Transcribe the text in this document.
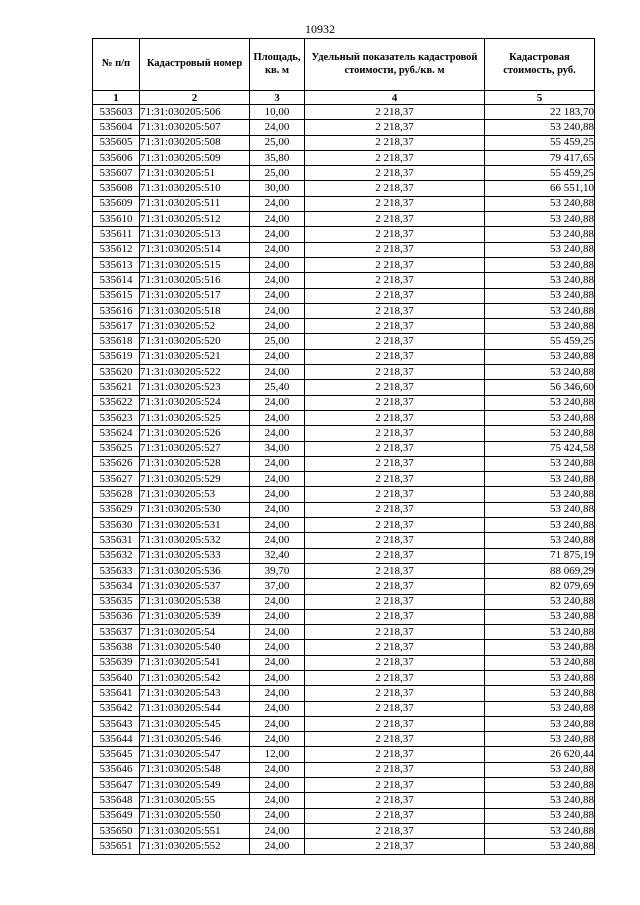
10932
№ п/п	Кадастровый номер	Площадь, кв. м	Удельный показатель кадастровой стоимости, руб./кв. м	Кадастровая стоимость, руб.
1	2	3	4	5
535603	71:31:030205:506	10,00	2 218,37	22 183,70
535604	71:31:030205:507	24,00	2 218,37	53 240,88
535605	71:31:030205:508	25,00	2 218,37	55 459,25
535606	71:31:030205:509	35,80	2 218,37	79 417,65
535607	71:31:030205:51	25,00	2 218,37	55 459,25
535608	71:31:030205:510	30,00	2 218,37	66 551,10
535609	71:31:030205:511	24,00	2 218,37	53 240,88
535610	71:31:030205:512	24,00	2 218,37	53 240,88
535611	71:31:030205:513	24,00	2 218,37	53 240,88
535612	71:31:030205:514	24,00	2 218,37	53 240,88
535613	71:31:030205:515	24,00	2 218,37	53 240,88
535614	71:31:030205:516	24,00	2 218,37	53 240,88
535615	71:31:030205:517	24,00	2 218,37	53 240,88
535616	71:31:030205:518	24,00	2 218,37	53 240,88
535617	71:31:030205:52	24,00	2 218,37	53 240,88
535618	71:31:030205:520	25,00	2 218,37	55 459,25
535619	71:31:030205:521	24,00	2 218,37	53 240,88
535620	71:31:030205:522	24,00	2 218,37	53 240,88
535621	71:31:030205:523	25,40	2 218,37	56 346,60
535622	71:31:030205:524	24,00	2 218,37	53 240,88
535623	71:31:030205:525	24,00	2 218,37	53 240,88
535624	71:31:030205:526	24,00	2 218,37	53 240,88
535625	71:31:030205:527	34,00	2 218,37	75 424,58
535626	71:31:030205:528	24,00	2 218,37	53 240,88
535627	71:31:030205:529	24,00	2 218,37	53 240,88
535628	71:31:030205:53	24,00	2 218,37	53 240,88
535629	71:31:030205:530	24,00	2 218,37	53 240,88
535630	71:31:030205:531	24,00	2 218,37	53 240,88
535631	71:31:030205:532	24,00	2 218,37	53 240,88
535632	71:31:030205:533	32,40	2 218,37	71 875,19
535633	71:31:030205:536	39,70	2 218,37	88 069,29
535634	71:31:030205:537	37,00	2 218,37	82 079,69
535635	71:31:030205:538	24,00	2 218,37	53 240,88
535636	71:31:030205:539	24,00	2 218,37	53 240,88
535637	71:31:030205:54	24,00	2 218,37	53 240,88
535638	71:31:030205:540	24,00	2 218,37	53 240,88
535639	71:31:030205:541	24,00	2 218,37	53 240,88
535640	71:31:030205:542	24,00	2 218,37	53 240,88
535641	71:31:030205:543	24,00	2 218,37	53 240,88
535642	71:31:030205:544	24,00	2 218,37	53 240,88
535643	71:31:030205:545	24,00	2 218,37	53 240,88
535644	71:31:030205:546	24,00	2 218,37	53 240,88
535645	71:31:030205:547	12,00	2 218,37	26 620,44
535646	71:31:030205:548	24,00	2 218,37	53 240,88
535647	71:31:030205:549	24,00	2 218,37	53 240,88
535648	71:31:030205:55	24,00	2 218,37	53 240,88
535649	71:31:030205:550	24,00	2 218,37	53 240,88
535650	71:31:030205:551	24,00	2 218,37	53 240,88
535651	71:31:030205:552	24,00	2 218,37	53 240,88
